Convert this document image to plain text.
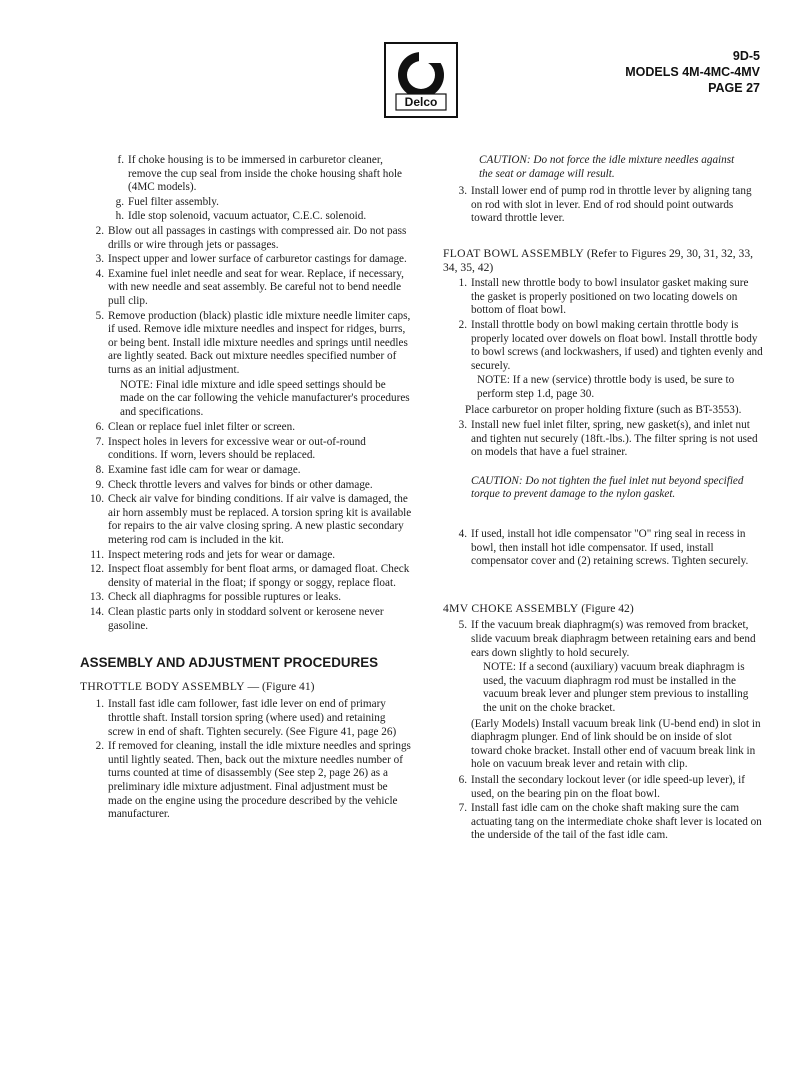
Delco
9D-5
MODELS 4M-4MC-4MV
PAGE 27
f. If choke housing is to be immersed in carburetor cleaner, remove the cup seal from inside the choke housing shaft hole (4MC models).
g. Fuel filter assembly.
h. Idle stop solenoid, vacuum actuator, C.E.C. solenoid.
2. Blow out all passages in castings with compressed air. Do not pass drills or wire through jets or passages.
3. Inspect upper and lower surface of carburetor castings for damage.
4. Examine fuel inlet needle and seat for wear. Replace, if necessary, with new needle and seat assembly. Be careful not to bend needle pull clip.
5. Remove production (black) plastic idle mixture needle limiter caps, if used. Remove idle mixture needles and inspect for ridges, burrs, or being bent. Install idle mixture needles and springs until needles are lightly seated. Back out mixture needles specified number of turns as an initial adjustment.
NOTE: Final idle mixture and idle speed settings should be made on the car following the vehicle manufacturer's procedures and specifications.
6. Clean or replace fuel inlet filter or screen.
7. Inspect holes in levers for excessive wear or out-of-round conditions. If worn, levers should be replaced.
8. Examine fast idle cam for wear or damage.
9. Check throttle levers and valves for binds or other damage.
10. Check air valve for binding conditions. If air valve is damaged, the air horn assembly must be replaced. A torsion spring kit is available for repairs to the air valve closing spring. A new plastic secondary metering rod cam is included in the kit.
11. Inspect metering rods and jets for wear or damage.
12. Inspect float assembly for bent float arms, or damaged float. Check density of material in the float; if spongy or soggy, replace float.
13. Check all diaphragms for possible ruptures or leaks.
14. Clean plastic parts only in stoddard solvent or kerosene never gasoline.
ASSEMBLY AND ADJUSTMENT PROCEDURES
THROTTLE BODY ASSEMBLY — (Figure 41)
1. Install fast idle cam follower, fast idle lever on end of primary throttle shaft. Install torsion spring (where used) and retaining screw in end of shaft. Tighten securely. (See Figure 41, page 26)
2. If removed for cleaning, install the idle mixture needles and springs until lightly seated. Then, back out the mixture needles number of turns counted at time of disassembly (See step 2, page 26) as a preliminary idle mixture adjustment. Final adjustment must be made on the engine using the procedure described by the vehicle manufacturer.
CAUTION: Do not force the idle mixture needles against the seat or damage will result.
3. Install lower end of pump rod in throttle lever by aligning tang on rod with slot in lever. End of rod should point outwards toward throttle lever.
FLOAT BOWL ASSEMBLY (Refer to Figures 29, 30, 31, 32, 33, 34, 35, 42)
1. Install new throttle body to bowl insulator gasket making sure the gasket is properly positioned on two locating dowels on bottom of float bowl.
2. Install throttle body on bowl making certain throttle body is properly located over dowels on float bowl. Install throttle body to bowl screws (and lockwashers, if used) and tighten evenly and securely.
NOTE: If a new (service) throttle body is used, be sure to perform step 1.d, page 30.
Place carburetor on proper holding fixture (such as BT-3553).
3. Install new fuel inlet filter, spring, new gasket(s), and inlet nut and tighten nut securely (18ft.-lbs.). The filter spring is not used on models that have a fuel strainer.
CAUTION: Do not tighten the fuel inlet nut beyond specified torque to prevent damage to the nylon gasket.
4. If used, install hot idle compensator "O" ring seal in recess in bowl, then install hot idle compensator. If used, install compensator cover and (2) retaining screws. Tighten securely.
4MV CHOKE ASSEMBLY (Figure 42)
5. If the vacuum break diaphragm(s) was removed from bracket, slide vacuum break diaphragm between retaining ears and bend ears down slightly to hold securely.
NOTE: If a second (auxiliary) vacuum break diaphragm is used, the vacuum diaphragm rod must be installed in the vacuum break lever and plunger stem previous to installing the unit on the choke bracket.
(Early Models) Install vacuum break link (U-bend end) in slot in diaphragm plunger. End of link should be on inside of slot toward choke bracket. Install other end of vacuum break link in hole on vacuum break lever and retain with clip.
6. Install the secondary lockout lever (or idle speed-up lever), if used, on the bearing pin on the float bowl.
7. Install fast idle cam on the choke shaft making sure the cam actuating tang on the intermediate choke shaft lever is located on the underside of the tail of the fast idle cam.
